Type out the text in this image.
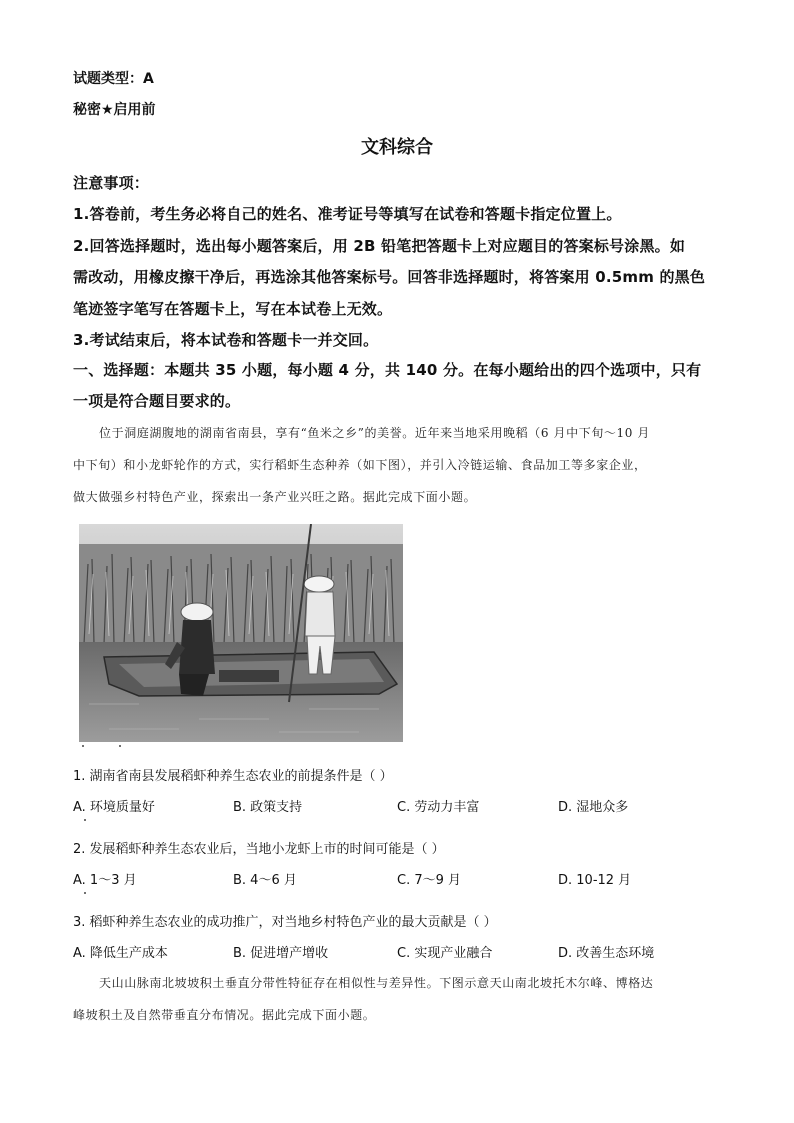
试题类型：A
秘密★启用前
文科综合
注意事项：
1.答卷前，考生务必将自己的姓名、准考证号等填写在试卷和答题卡指定位置上。
2.回答选择题时，选出每小题答案后，用 2B 铅笔把答题卡上对应题目的答案标号涂黑。如
需改动，用橡皮擦干净后，再选涂其他答案标号。回答非选择题时，将答案用 0.5mm 的黑色
笔迹签字笔写在答题卡上，写在本试卷上无效。
3.考试结束后，将本试卷和答题卡一并交回。
一、选择题：本题共 35 小题，每小题 4 分，共 140 分。在每小题给出的四个选项中，只有
一项是符合题目要求的。
位于洞庭湖腹地的湖南省南县，享有“鱼米之乡”的美誉。近年来当地采用晚稻（6 月中下旬～10 月
中下旬）和小龙虾轮作的方式，实行稻虾生态种养（如下图），并引入冷链运输、食品加工等多家企业，
做大做强乡村特色产业，探索出一条产业兴旺之路。据此完成下面小题。
1. 湖南省南县发展稻虾种养生态农业的前提条件是（ ）
A. 环境质量好	B. 政策支持	C. 劳动力丰富	D. 湿地众多
2. 发展稻虾种养生态农业后，当地小龙虾上市的时间可能是（ ）
A. 1～3 月	B. 4～6 月	C. 7～9 月	D. 10-12 月
3. 稻虾种养生态农业的成功推广，对当地乡村特色产业的最大贡献是（ ）
A. 降低生产成本	B. 促进增产增收	C. 实现产业融合	D. 改善生态环境
天山山脉南北坡坡积土垂直分带性特征存在相似性与差异性。下图示意天山南北坡托木尔峰、博格达
峰坡积土及自然带垂直分布情况。据此完成下面小题。
